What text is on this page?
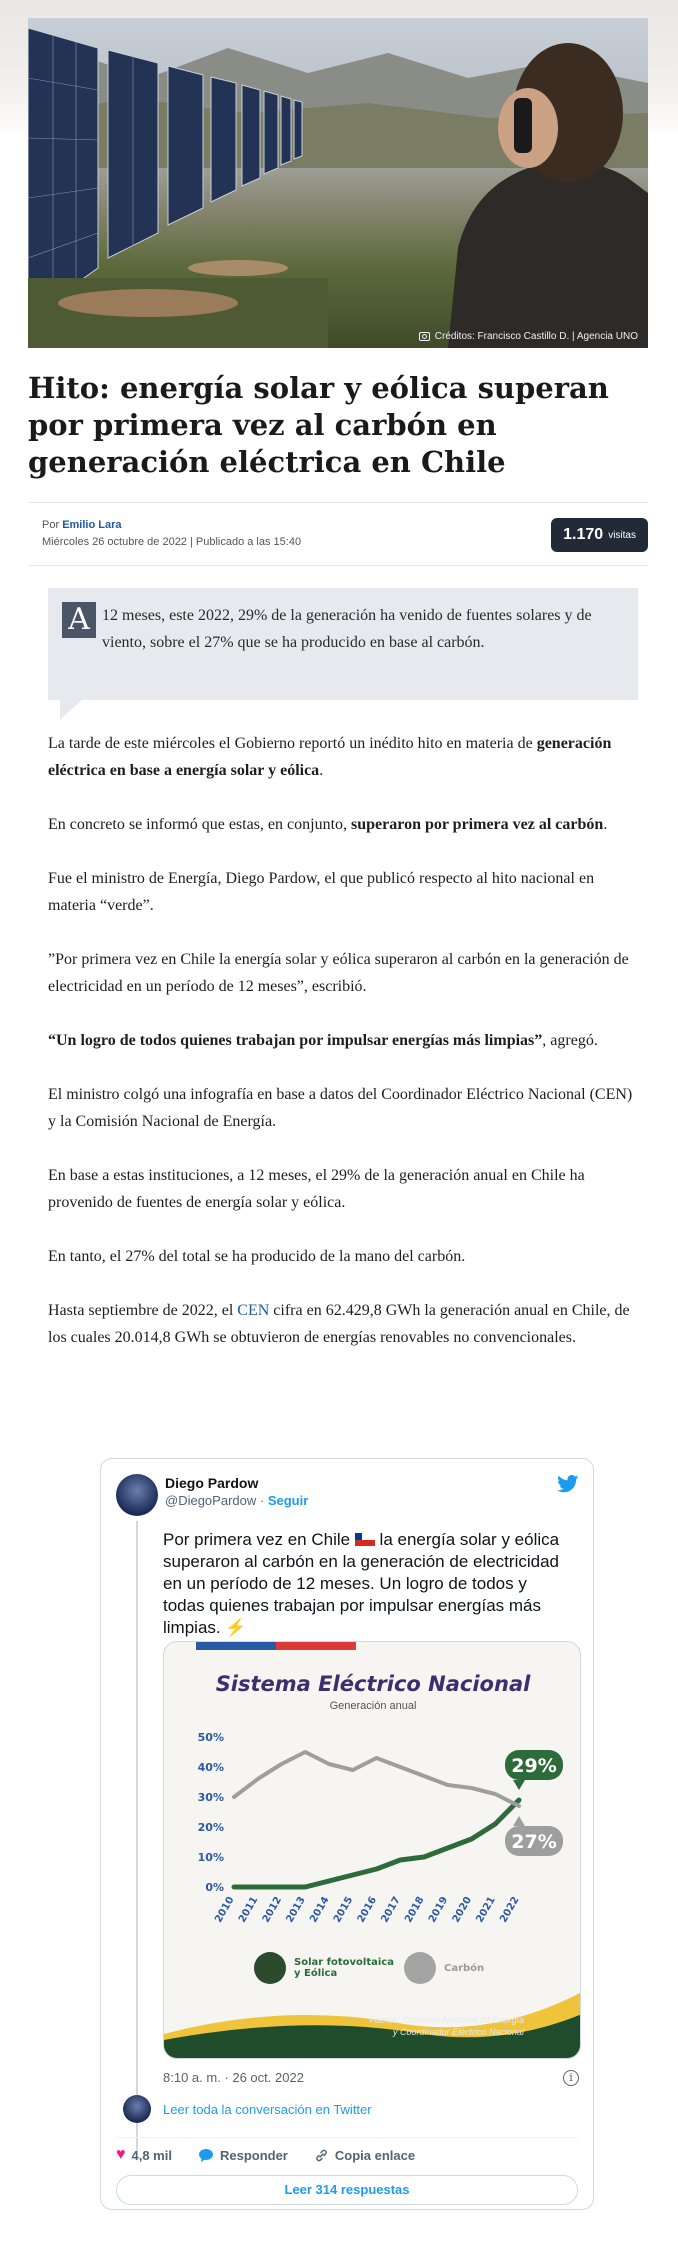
Créditos: Francisco Castillo D. | Agencia UNO
Hito: energía solar y eólica superan por primera vez al carbón en generación eléctrica en Chile
Por Emilio Lara
Miércoles 26 octubre de 2022 | Publicado a las 15:40	1.170 visitas
A 12 meses, este 2022, 29% de la generación ha venido de fuentes solares y de viento, sobre el 27% que se ha producido en base al carbón.

La tarde de este miércoles el Gobierno reportó un inédito hito en materia de generación eléctrica en base a energía solar y eólica.

En concreto se informó que estas, en conjunto, superaron por primera vez al carbón.

Fue el ministro de Energía, Diego Pardow, el que publicó respecto al hito nacional en materia “verde”.

”Por primera vez en Chile la energía solar y eólica superaron al carbón en la generación de electricidad en un período de 12 meses”, escribió.

“Un logro de todos quienes trabajan por impulsar energías más limpias”, agregó.

El ministro colgó una infografía en base a datos del Coordinador Eléctrico Nacional (CEN) y la Comisión Nacional de Energía.

En base a estas instituciones, a 12 meses, el 29% de la generación anual en Chile ha provenido de fuentes de energía solar y eólica.

En tanto, el 27% del total se ha producido de la mano del carbón.

Hasta septiembre de 2022, el CEN cifra en 62.429,8 GWh la generación anual en Chile, de los cuales 20.014,8 GWh se obtuvieron de energías renovables no convencionales.

Diego Pardow
@DiegoPardow · Seguir
Por primera vez en Chile  la energía solar y eólica superaron al carbón en la generación de electricidad en un período de 12 meses. Un logro de todos y todas quienes trabajan por impulsar energías más limpias. ⚡
Sistema Eléctrico Nacional
Generación anual
0%
10%
20%
30%
40%
50%
2010 2011 2012 2013 2014 2015 2016 2017 2018 2019 2020 2021 2022
29%
27%
Solar fotovoltaica y Eólica	Carbón
Fuente: Comisión Nacional de Energía
y Coordinador Eléctrico Nacional
8:10 a. m. · 26 oct. 2022	i
Leer toda la conversación en Twitter
♥ 4,8 mil	Responder	Copia enlace
Leer 314 respuestas
